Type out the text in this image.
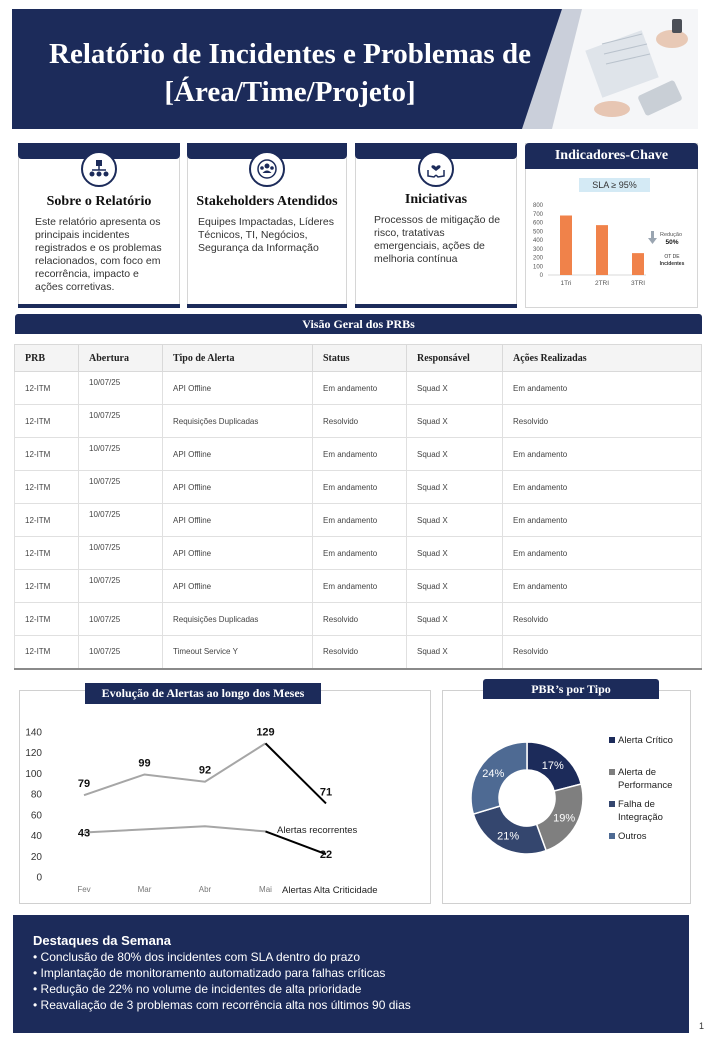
Relatório de Incidentes e Problemas de
[Área/Time/Projeto]
Sobre o Relatório
Este relatório apresenta os principais incidentes registrados e os problemas relacionados, com foco em recorrência, impacto e ações corretivas.
Stakeholders Atendidos
Equipes Impactadas, Líderes Técnicos, TI, Negócios, Segurança da Informação
Iniciativas
Processos de mitigação de risco, tratativas emergenciais, ações de melhoria contínua
Indicadores-Chave
SLA ≥ 95%
0
100
200
300
400
500
600
700
800
1Tri	2TRI	3TRI
Redução
50%
OT DE
Incidentes
Visão Geral dos PRBs
PRB	Abertura	Tipo de Alerta	Status	Responsável	Ações Realizadas
12-ITM	10/07/25	API Offline	Em andamento	Squad X	Em andamento
12-ITM	10/07/25	Requisições Duplicadas	Resolvido	Squad X	Resolvido
12-ITM	10/07/25	API Offline	Em andamento	Squad X	Em andamento
12-ITM	10/07/25	API Offline	Em andamento	Squad X	Em andamento
12-ITM	10/07/25	API Offline	Em andamento	Squad X	Em andamento
12-ITM	10/07/25	API Offline	Em andamento	Squad X	Em andamento
12-ITM	10/07/25	API Offline	Em andamento	Squad X	Em andamento
12-ITM	10/07/25	Requisições Duplicadas	Resolvido	Squad X	Resolvido
12-ITM	10/07/25	Timeout Service Y	Resolvido	Squad X	Resolvido
0
20
40
60
80
100
120
140
Fev	Mar	Abr	Mai
79
99
92
129
71
43
22
Alertas recorrentes
Alertas Alta Criticidade
Evolução de Alertas ao longo dos Meses
17%
19%
21%
24%
Alerta Crítico
Alerta de
Performance
Falha de
Integração
Outros
PBR’s por Tipo
Destaques da Semana
• Conclusão de 80% dos incidentes com SLA dentro do prazo
• Implantação de monitoramento automatizado para falhas críticas
• Redução de 22% no volume de incidentes de alta prioridade
• Reavaliação de 3 problemas com recorrência alta nos últimos 90 dias
1
